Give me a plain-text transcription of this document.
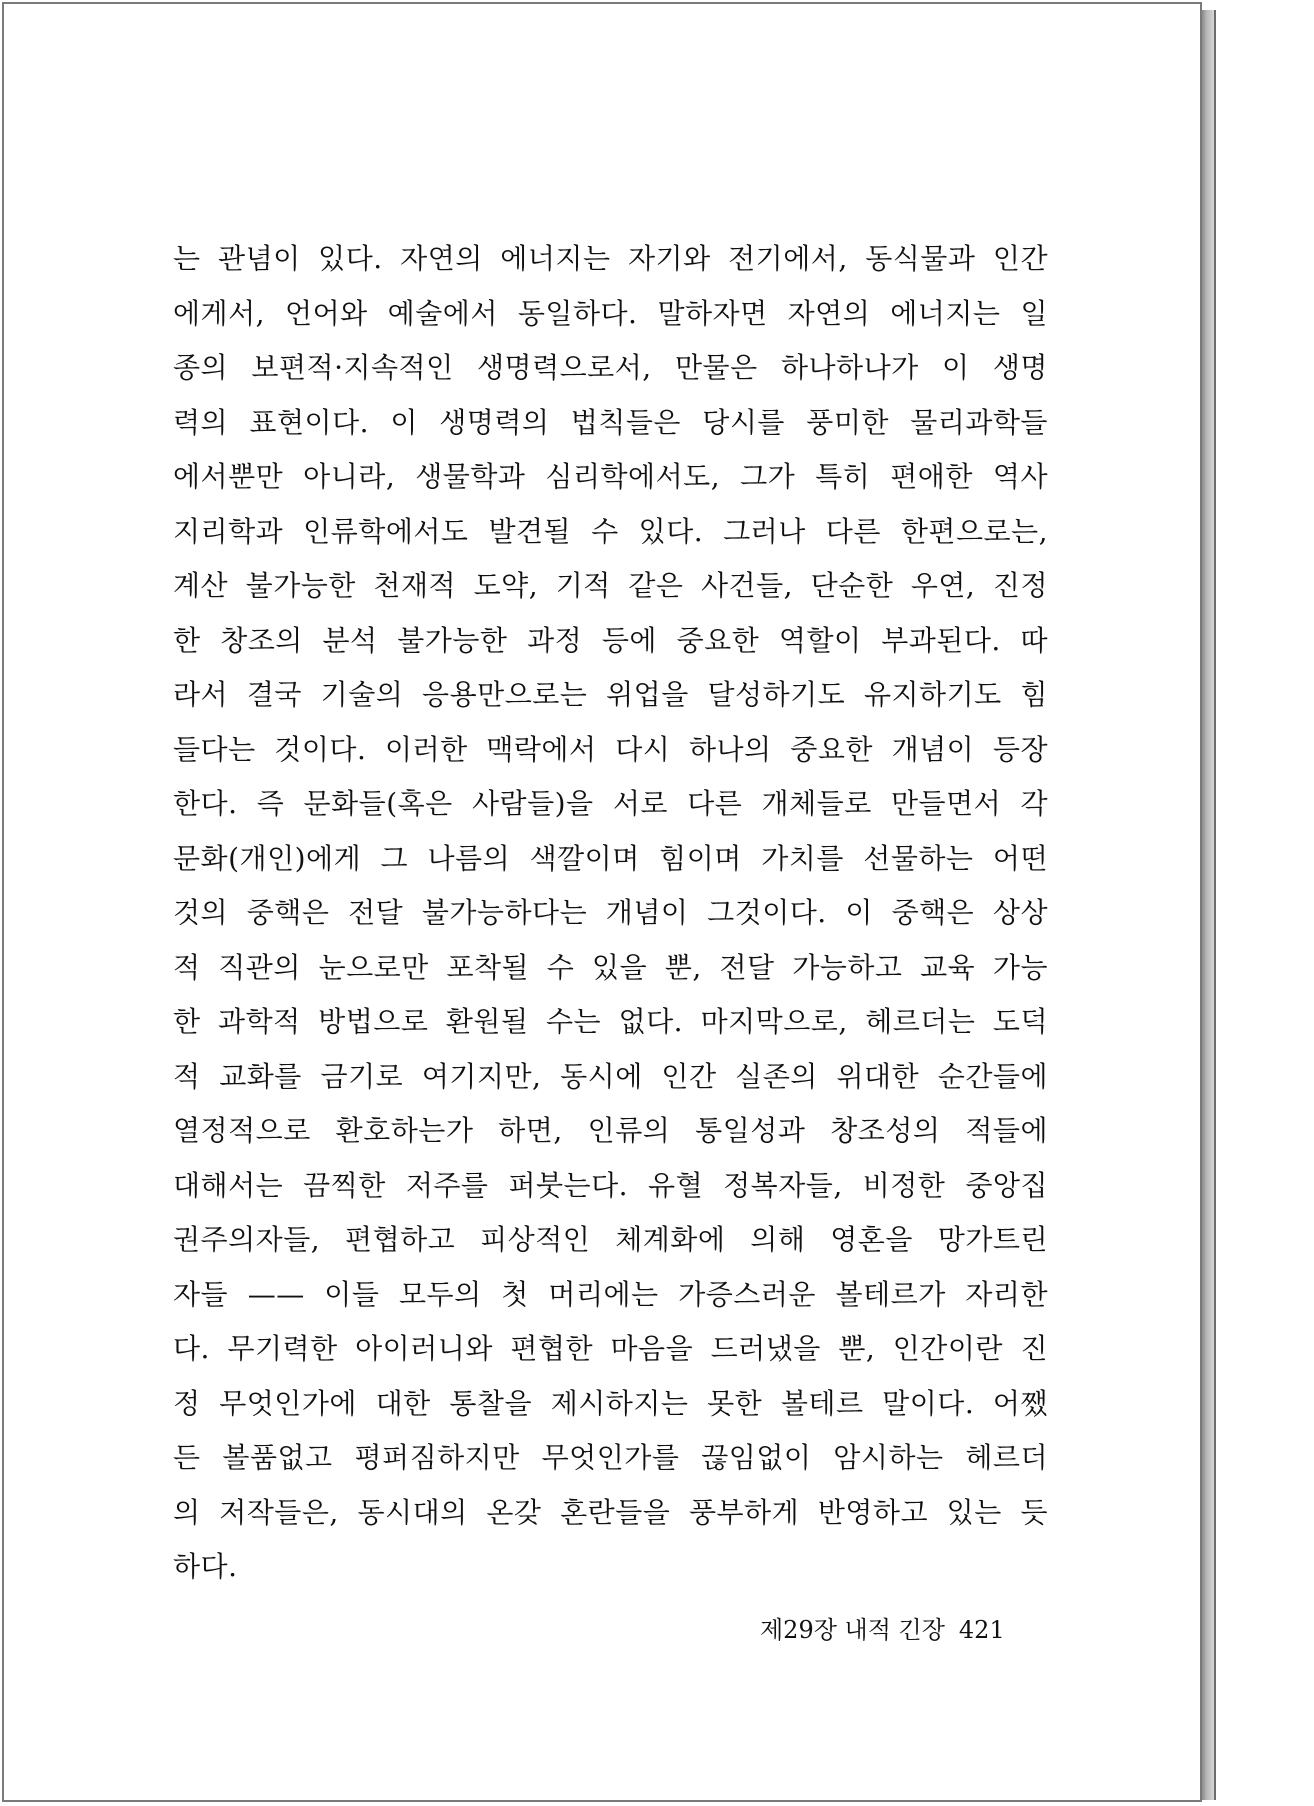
는 관념이 있다. 자연의 에너지는 자기와 전기에서, 동식물과 인간
에게서, 언어와 예술에서 동일하다. 말하자면 자연의 에너지는 일
종의 보편적·지속적인 생명력으로서, 만물은 하나하나가 이 생명
력의 표현이다. 이 생명력의 법칙들은 당시를 풍미한 물리과학들
에서뿐만 아니라, 생물학과 심리학에서도, 그가 특히 편애한 역사
지리학과 인류학에서도 발견될 수 있다. 그러나 다른 한편으로는,
계산 불가능한 천재적 도약, 기적 같은 사건들, 단순한 우연, 진정
한 창조의 분석 불가능한 과정 등에 중요한 역할이 부과된다. 따
라서 결국 기술의 응용만으로는 위업을 달성하기도 유지하기도 힘
들다는 것이다. 이러한 맥락에서 다시 하나의 중요한 개념이 등장
한다. 즉 문화들(혹은 사람들)을 서로 다른 개체들로 만들면서 각
문화(개인)에게 그 나름의 색깔이며 힘이며 가치를 선물하는 어떤
것의 중핵은 전달 불가능하다는 개념이 그것이다. 이 중핵은 상상
적 직관의 눈으로만 포착될 수 있을 뿐, 전달 가능하고 교육 가능
한 과학적 방법으로 환원될 수는 없다. 마지막으로, 헤르더는 도덕
적 교화를 금기로 여기지만, 동시에 인간 실존의 위대한 순간들에
열정적으로 환호하는가 하면, 인류의 통일성과 창조성의 적들에
대해서는 끔찍한 저주를 퍼붓는다. 유혈 정복자들, 비정한 중앙집
권주의자들, 편협하고 피상적인 체계화에 의해 영혼을 망가트린
자들 —— 이들 모두의 첫 머리에는 가증스러운 볼테르가 자리한
다. 무기력한 아이러니와 편협한 마음을 드러냈을 뿐, 인간이란 진
정 무엇인가에 대한 통찰을 제시하지는 못한 볼테르 말이다. 어쨌
든 볼품없고 평퍼짐하지만 무엇인가를 끊임없이 암시하는 헤르더
의 저작들은, 동시대의 온갖 혼란들을 풍부하게 반영하고 있는 듯
하다.
제29장 내적 긴장 421
